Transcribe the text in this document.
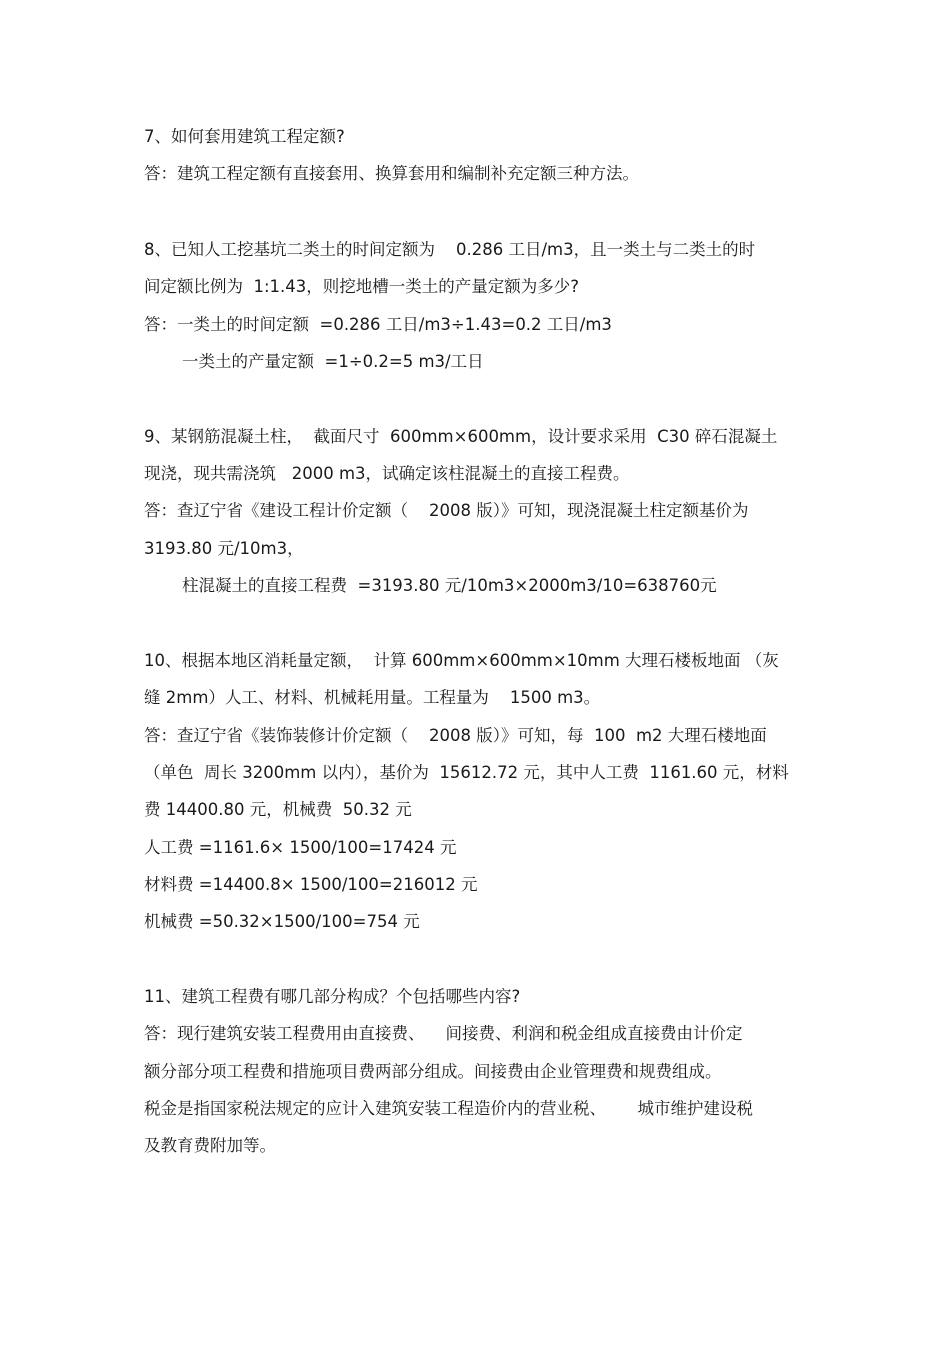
7、如何套用建筑工程定额?
答：建筑工程定额有直接套用、换算套用和编制补充定额三种方法。
8、已知人工挖基坑二类土的时间定额为    0.286 工日/m3，且一类土与二类土的时
间定额比例为  1:1.43，则挖地槽一类土的产量定额为多少?
答：一类土的时间定额  =0.286 工日/m3÷1.43=0.2 工日/m3
一类土的产量定额  =1÷0.2=5 m3/工日
9、某钢筋混凝土柱，  截面尺寸  600mm×600mm，设计要求采用  C30 碎石混凝土
现浇，现共需浇筑   2000 m3，试确定该柱混凝土的直接工程费。
答：查辽宁省《建设工程计价定额（    2008 版）》可知，现浇混凝土柱定额基价为
3193.80 元/10m3，
柱混凝土的直接工程费  =3193.80 元/10m3×2000m3/10=638760元
10、根据本地区消耗量定额，  计算 600mm×600mm×10mm 大理石楼板地面 （灰
缝 2mm）人工、材料、机械耗用量。工程量为    1500 m3。
答：查辽宁省《装饰装修计价定额（    2008 版）》可知，每  100  m2 大理石楼地面
（单色  周长 3200mm 以内），基价为  15612.72 元，其中人工费  1161.60 元，材料
费 14400.80 元，机械费  50.32 元
人工费 =1161.6× 1500/100=17424 元
材料费 =14400.8× 1500/100=216012 元
机械费 =50.32×1500/100=754 元
11、建筑工程费有哪几部分构成？个包括哪些内容?
答：现行建筑安装工程费用由直接费、    间接费、利润和税金组成直接费由计价定
额分部分项工程费和措施项目费两部分组成。间接费由企业管理费和规费组成。
税金是指国家税法规定的应计入建筑安装工程造价内的营业税、      城市维护建设税
及教育费附加等。
